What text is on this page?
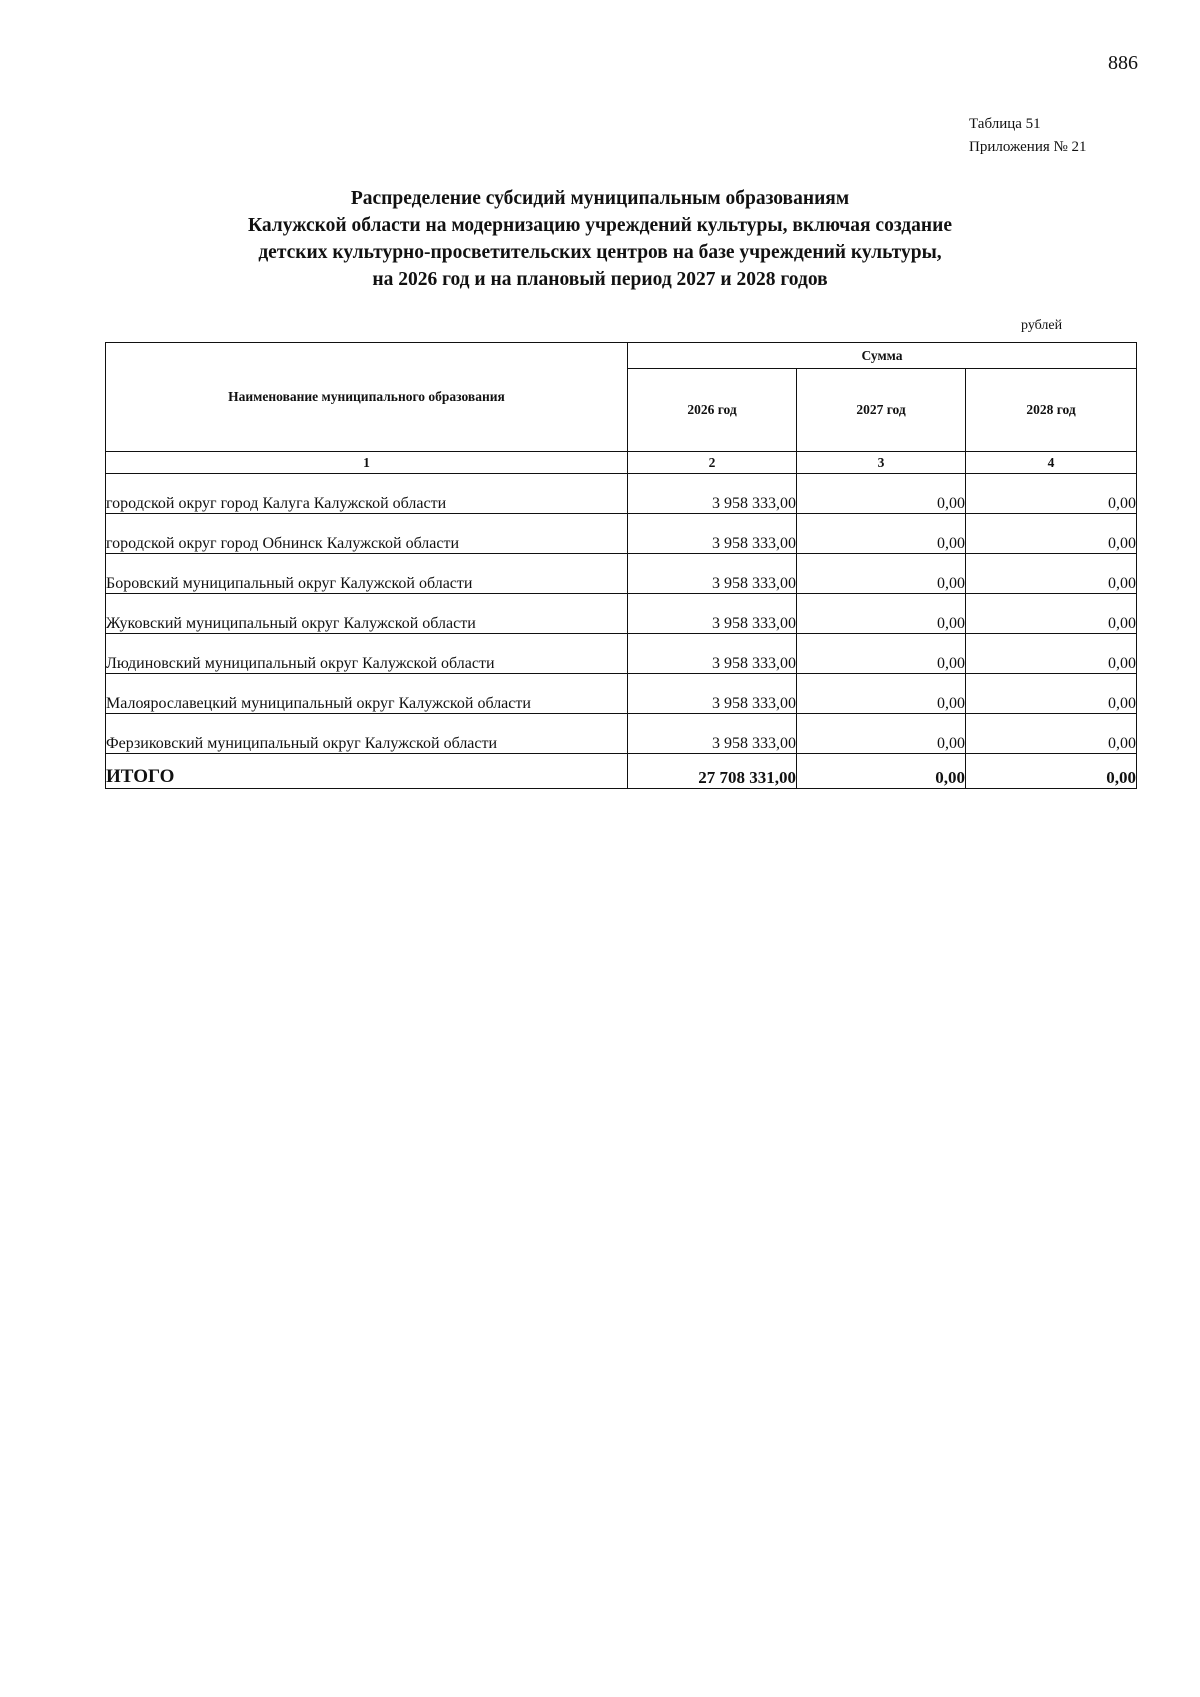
886
Таблица 51
Приложения № 21
Распределение субсидий муниципальным образованиям
Калужской области на модернизацию учреждений культуры, включая создание
детских культурно-просветительских центров на базе учреждений культуры,
на 2026 год и на плановый период 2027 и 2028 годов
рублей
Наименование муниципального образования	Сумма		
	2026 год	2027 год	2028 год
1	2	3	4
городской округ город Калуга Калужской области	3 958 333,00	0,00	0,00
городской округ город Обнинск Калужской области	3 958 333,00	0,00	0,00
Боровский муниципальный округ Калужской области	3 958 333,00	0,00	0,00
Жуковский муниципальный округ Калужской области	3 958 333,00	0,00	0,00
Людиновский муниципальный округ Калужской области	3 958 333,00	0,00	0,00
Малоярославецкий муниципальный округ Калужской области	3 958 333,00	0,00	0,00
Ферзиковский муниципальный округ Калужской области	3 958 333,00	0,00	0,00
ИТОГО	27 708 331,00	0,00	0,00
